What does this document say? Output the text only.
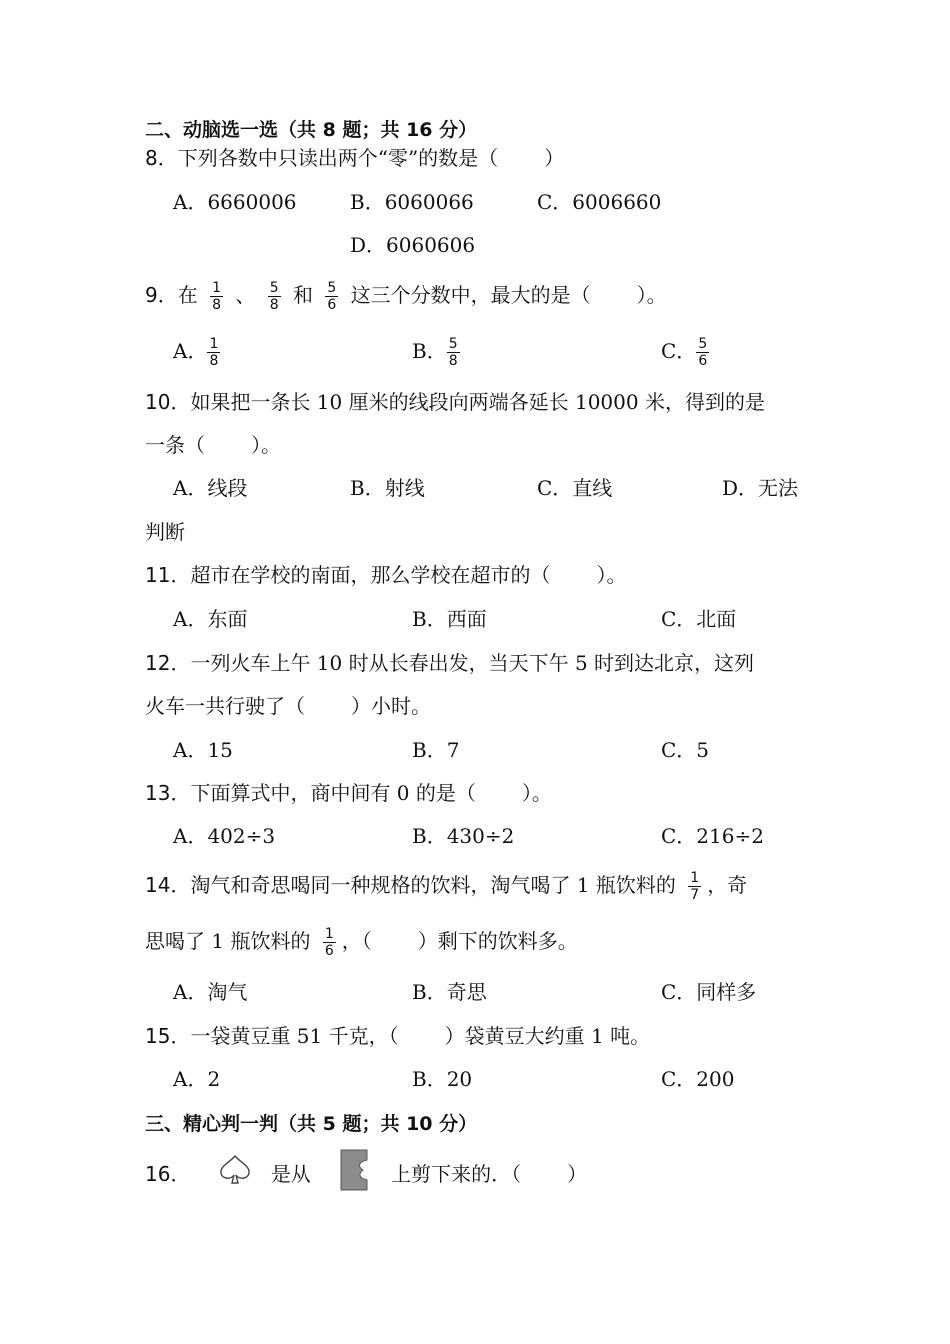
二、动脑选一选（共 8 题；共 16 分）
8．下列各数中只读出两个“零”的数是（ ）
A．6660006	B．6060066	C．6006660
D．6060606
9．在 $\frac{1}{8}$ 、 $\frac{5}{8}$ 和 $\frac{5}{6}$ 这三个分数中，最大的是（ ）。
A． $\frac{1}{8}$	B． $\frac{5}{8}$	C． $\frac{5}{6}$
10．如果把一条长 10 厘米的线段向两端各延长 10000 米，得到的是
一条（ ）。
A．线段	B．射线	C．直线	D．无法
判断
11．超市在学校的南面，那么学校在超市的（ ）。
A．东面	B．西面	C．北面
12．一列火车上午 10 时从长春出发，当天下午 5 时到达北京，这列
火车一共行驶了（ ）小时。
A．15	B．7	C．5
13．下面算式中，商中间有 0 的是（ ）。
A．402÷3	B．430÷2	C．216÷2
14．淘气和奇思喝同一种规格的饮料，淘气喝了 1 瓶饮料的 $\frac{1}{7}$ ，奇
思喝了 1 瓶饮料的 $\frac{1}{6}$ ，（ ）剩下的饮料多。
A．淘气	B．奇思	C．同样多
15．一袋黄豆重 51 千克，（ ）袋黄豆大约重 1 吨。
A．2	B．20	C．200
三、精心判一判（共 5 题；共 10 分）
16．	是从	上剪下来的．（ ）
